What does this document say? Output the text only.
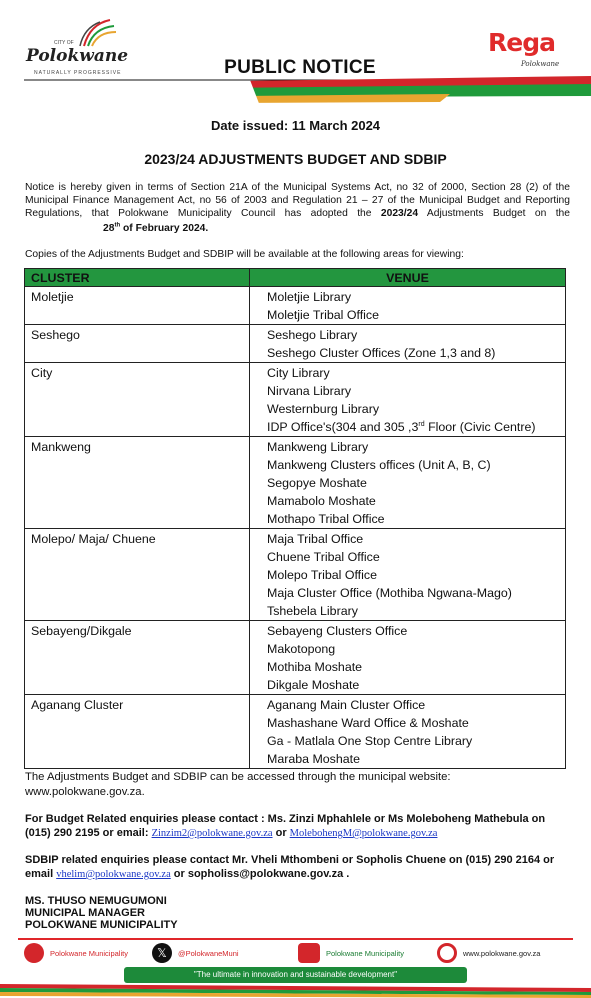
CITY OF
Polokwane
NATURALLY PROGRESSIVE	PUBLIC NOTICE
Rega
Polokwane
Date issued: 11 March 2024
2023/24 ADJUSTMENTS BUDGET AND SDBIP
Notice is hereby given in terms of Section 21A of the Municipal Systems Act, no 32 of 2000, Section 28 (2) of the Municipal Finance Management Act, no 56 of 2003 and Regulation 21 – 27 of the Municipal Budget and Reporting Regulations, that Polokwane Municipality Council has adopted the 2023/24 Adjustments Budget on the 28th of February 2024.
Copies of the Adjustments Budget and SDBIP will be available at the following areas for viewing:
CLUSTER	VENUE
Moletjie	Moletjie Library
Moletjie Tribal Office

Seshego	Seshego Library
Seshego Cluster Offices (Zone 1,3 and 8)

City	City Library
Nirvana Library
Westernburg Library
IDP Office's(304 and 305 ,3rd Floor (Civic Centre)

Mankweng	Mankweng Library
Mankweng Clusters offices (Unit A, B, C)
Segopye Moshate
Mamabolo Moshate
Mothapo Tribal Office

Molepo/ Maja/ Chuene	Maja Tribal Office
Chuene Tribal Office
Molepo Tribal Office
Maja Cluster Office (Mothiba Ngwana-Mago)
Tshebela Library

Sebayeng/Dikgale	Sebayeng Clusters Office
Makotopong
Mothiba Moshate
Dikgale Moshate

Aganang Cluster	Aganang Main Cluster Office
Mashashane Ward Office & Moshate
Ga - Matlala One Stop Centre Library
Maraba Moshate
The Adjustments Budget and SDBIP can be accessed through the municipal website: www.polokwane.gov.za.
For Budget Related enquiries please contact : Ms. Zinzi Mphahlele or Ms Moleboheng Mathebula on (015) 290 2195 or email: Zinzim2@polokwane.gov.za or MolebohengM@polokwane.gov.za
SDBIP related enquiries please contact Mr. Vheli Mthombeni or Sopholis Chuene on (015) 290 2164 or email vhelim@polokwane.gov.za or sopholiss@polokwane.gov.za .
MS. THUSO NEMUGUMONI
MUNICIPAL MANAGER
POLOKWANE MUNICIPALITY
Polokwane Municipality	𝕏	@PolokwaneMuni	Polokwane Municipality	www.polokwane.gov.za
"The ultimate in innovation and sustainable development"
